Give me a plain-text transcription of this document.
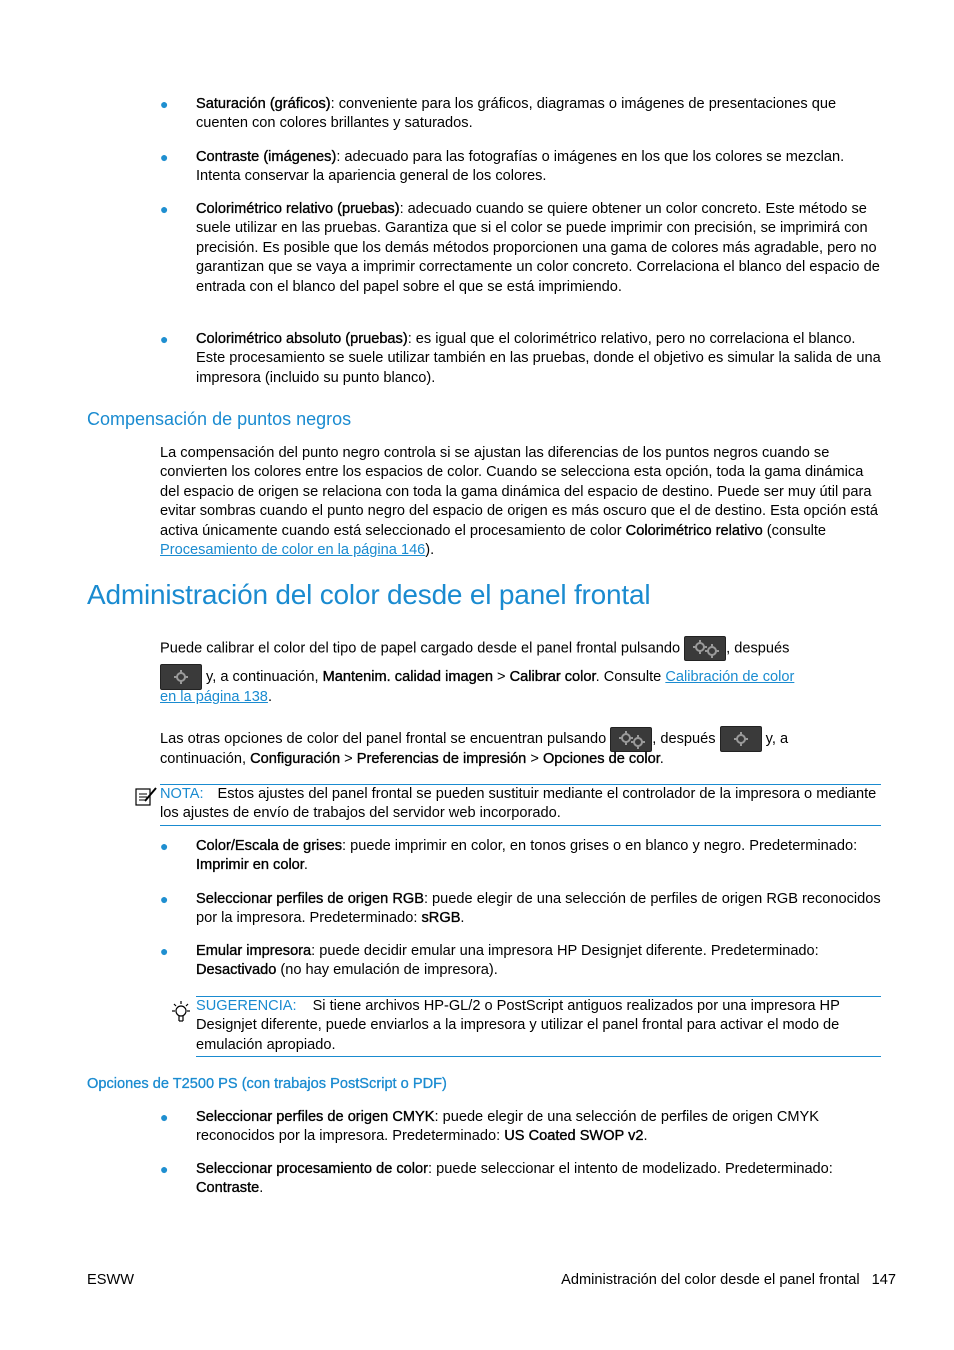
● Saturación (gráficos): conveniente para los gráficos, diagramas o imágenes de presentaciones que cuenten con colores brillantes y saturados.
● Contraste (imágenes): adecuado para las fotografías o imágenes en los que los colores se mezclan. Intenta conservar la apariencia general de los colores.
● Colorimétrico relativo (pruebas): adecuado cuando se quiere obtener un color concreto. Este método se suele utilizar en las pruebas. Garantiza que si el color se puede imprimir con precisión, se imprimirá con precisión. Es posible que los demás métodos proporcionen una gama de colores más agradable, pero no garantizan que se vaya a imprimir correctamente un color concreto. Correlaciona el blanco del espacio de entrada con el blanco del papel sobre el que se está imprimiendo.
● Colorimétrico absoluto (pruebas): es igual que el colorimétrico relativo, pero no correlaciona el blanco. Este procesamiento se suele utilizar también en las pruebas, donde el objetivo es simular la salida de una impresora (incluido su punto blanco).
Compensación de puntos negros
La compensación del punto negro controla si se ajustan las diferencias de los puntos negros cuando se convierten los colores entre los espacios de color. Cuando se selecciona esta opción, toda la gama dinámica del espacio de origen se relaciona con toda la gama dinámica del espacio de destino. Puede ser muy útil para evitar sombras cuando el punto negro del espacio de origen es más oscuro que el de destino. Esta opción está activa únicamente cuando está seleccionado el procesamiento de color Colorimétrico relativo (consulte Procesamiento de color en la página 146).
Administración del color desde el panel frontal
Puede calibrar el color del tipo de papel cargado desde el panel frontal pulsando	, después
y, a continuación, Mantenim. calidad imagen > Calibrar color. Consulte Calibración de color
en la página 138.
Las otras opciones de color del panel frontal se encuentran pulsando	, después	y, a
continuación, Configuración > Preferencias de impresión > Opciones de color.
NOTA: Estos ajustes del panel frontal se pueden sustituir mediante el controlador de la impresora o mediante los ajustes de envío de trabajos del servidor web incorporado.
● Color/Escala de grises: puede imprimir en color, en tonos grises o en blanco y negro. Predeterminado: Imprimir en color.
● Seleccionar perfiles de origen RGB: puede elegir de una selección de perfiles de origen RGB reconocidos por la impresora. Predeterminado: sRGB.
● Emular impresora: puede decidir emular una impresora HP Designjet diferente. Predeterminado: Desactivado (no hay emulación de impresora).
SUGERENCIA: Si tiene archivos HP-GL/2 o PostScript antiguos realizados por una impresora HP Designjet diferente, puede enviarlos a la impresora y utilizar el panel frontal para activar el modo de emulación apropiado.
Opciones de T2500 PS (con trabajos PostScript o PDF)
● Seleccionar perfiles de origen CMYK: puede elegir de una selección de perfiles de origen CMYK reconocidos por la impresora. Predeterminado: US Coated SWOP v2.
● Seleccionar procesamiento de color: puede seleccionar el intento de modelizado. Predeterminado: Contraste.
ESWW	Administración del color desde el panel frontal 147
